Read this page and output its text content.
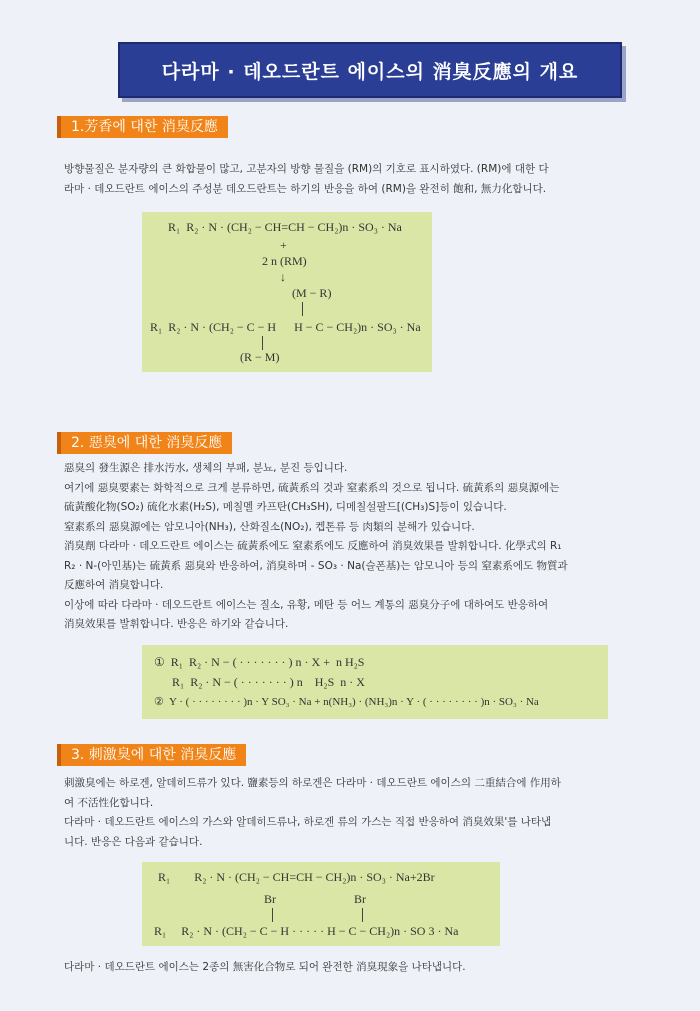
다라마 · 데오드란트 에이스의 消臭反應의 개요
1.芳香에 대한 消臭反應

방향물질은 분자량의 큰 화합물이 많고, 고분자의 방향 물질을 (RM)의 기호로 표시하였다. (RM)에 대한 다

라마 · 데오드란트 에이스의 주성분 데오드란트는 하기의 반응을 하여 (RM)을 완전히 飽和, 無力化합니다.

R₁  R₂ · N · (CH₂ − CH=CH − CH₂)n · SO₃ · Na
+
2 n (RM)
↓
(M − R)
R₁  R₂ · N · (CH₂ − C − H      H − C − CH₂)n · SO₃ · Na
(R − M)
2. 惡臭에 대한 消臭反應

惡臭의 發生源은 排水汚水, 생체의 부패, 분뇨, 분진 등입니다.

여기에 惡臭要素는 화학적으로 크게 분류하면, 硫黃系의 것과 窒素系의 것으로 됩니다. 硫黃系의 惡臭源에는

硫黃酸化物(SO₂) 硫化水素(H₂S), 메칠멜 카프탄(CH₃SH), 디메칠설팔드[(CH₃)S]등이 있습니다.

窒素系의 惡臭源에는 암모니아(NH₃), 산화질소(NO₂), 켑톤류 등 肉類의 분해가 있습니다.

消臭劑 다라마 · 데오드란트 에이스는 硫黃系에도 窒素系에도 反應하여 消臭效果를 발휘합니다. 化學式의 R₁

R₂ · N-(아민基)는 硫黃系 惡臭와 반응하여, 消臭하며 - SO₃ · Na(슬폰基)는 암모니아 등의 窒素系에도 物質과

反應하여 消臭합니다.

이상에 따라 다라마 · 데오드란트 에이스는 질소, 유황, 메탄 등 어느 계통의 惡臭分子에 대하여도 반응하여

消臭效果를 발휘합니다. 반응은 하기와 같습니다.

①  R₁  R₂ · N − ( · · · · · · · ) n · X +  n H₂S
R₁  R₂ · N − ( · · · · · · · ) n    H₂S  n · X
②  Y · ( · · · · · · · · )n · Y SO₃ · Na + n(NH₃) · (NH₃)n · Y · ( · · · · · · · · )n · SO₃ · Na
3. 刺激臭에 대한 消臭反應

刺激臭에는 하로겐, 알데히드류가 있다. 鹽素등의 하로겐은 다라마 · 데오드란트 에이스의 二重結合에 作用하

여 不活性化합니다.

다라마 · 데오드란트 에이스의 가스와 알데히드류나, 하로겐 류의 가스는 직접 반응하여 消臭效果'를 나타냅

니다. 반응은 다음과 같습니다.

R₁        R₂ · N · (CH₂ − CH=CH − CH₂)n · SO₃ · Na+2Br
Br	Br
R₁     R₂ · N · (CH₂ − C − H · · · · · H − C − CH₂)n · SO 3 · Na
다라마 · 데오드란트 에이스는 2종의 無害化合物로 되어 완전한 消臭現象을 나타냅니다.
